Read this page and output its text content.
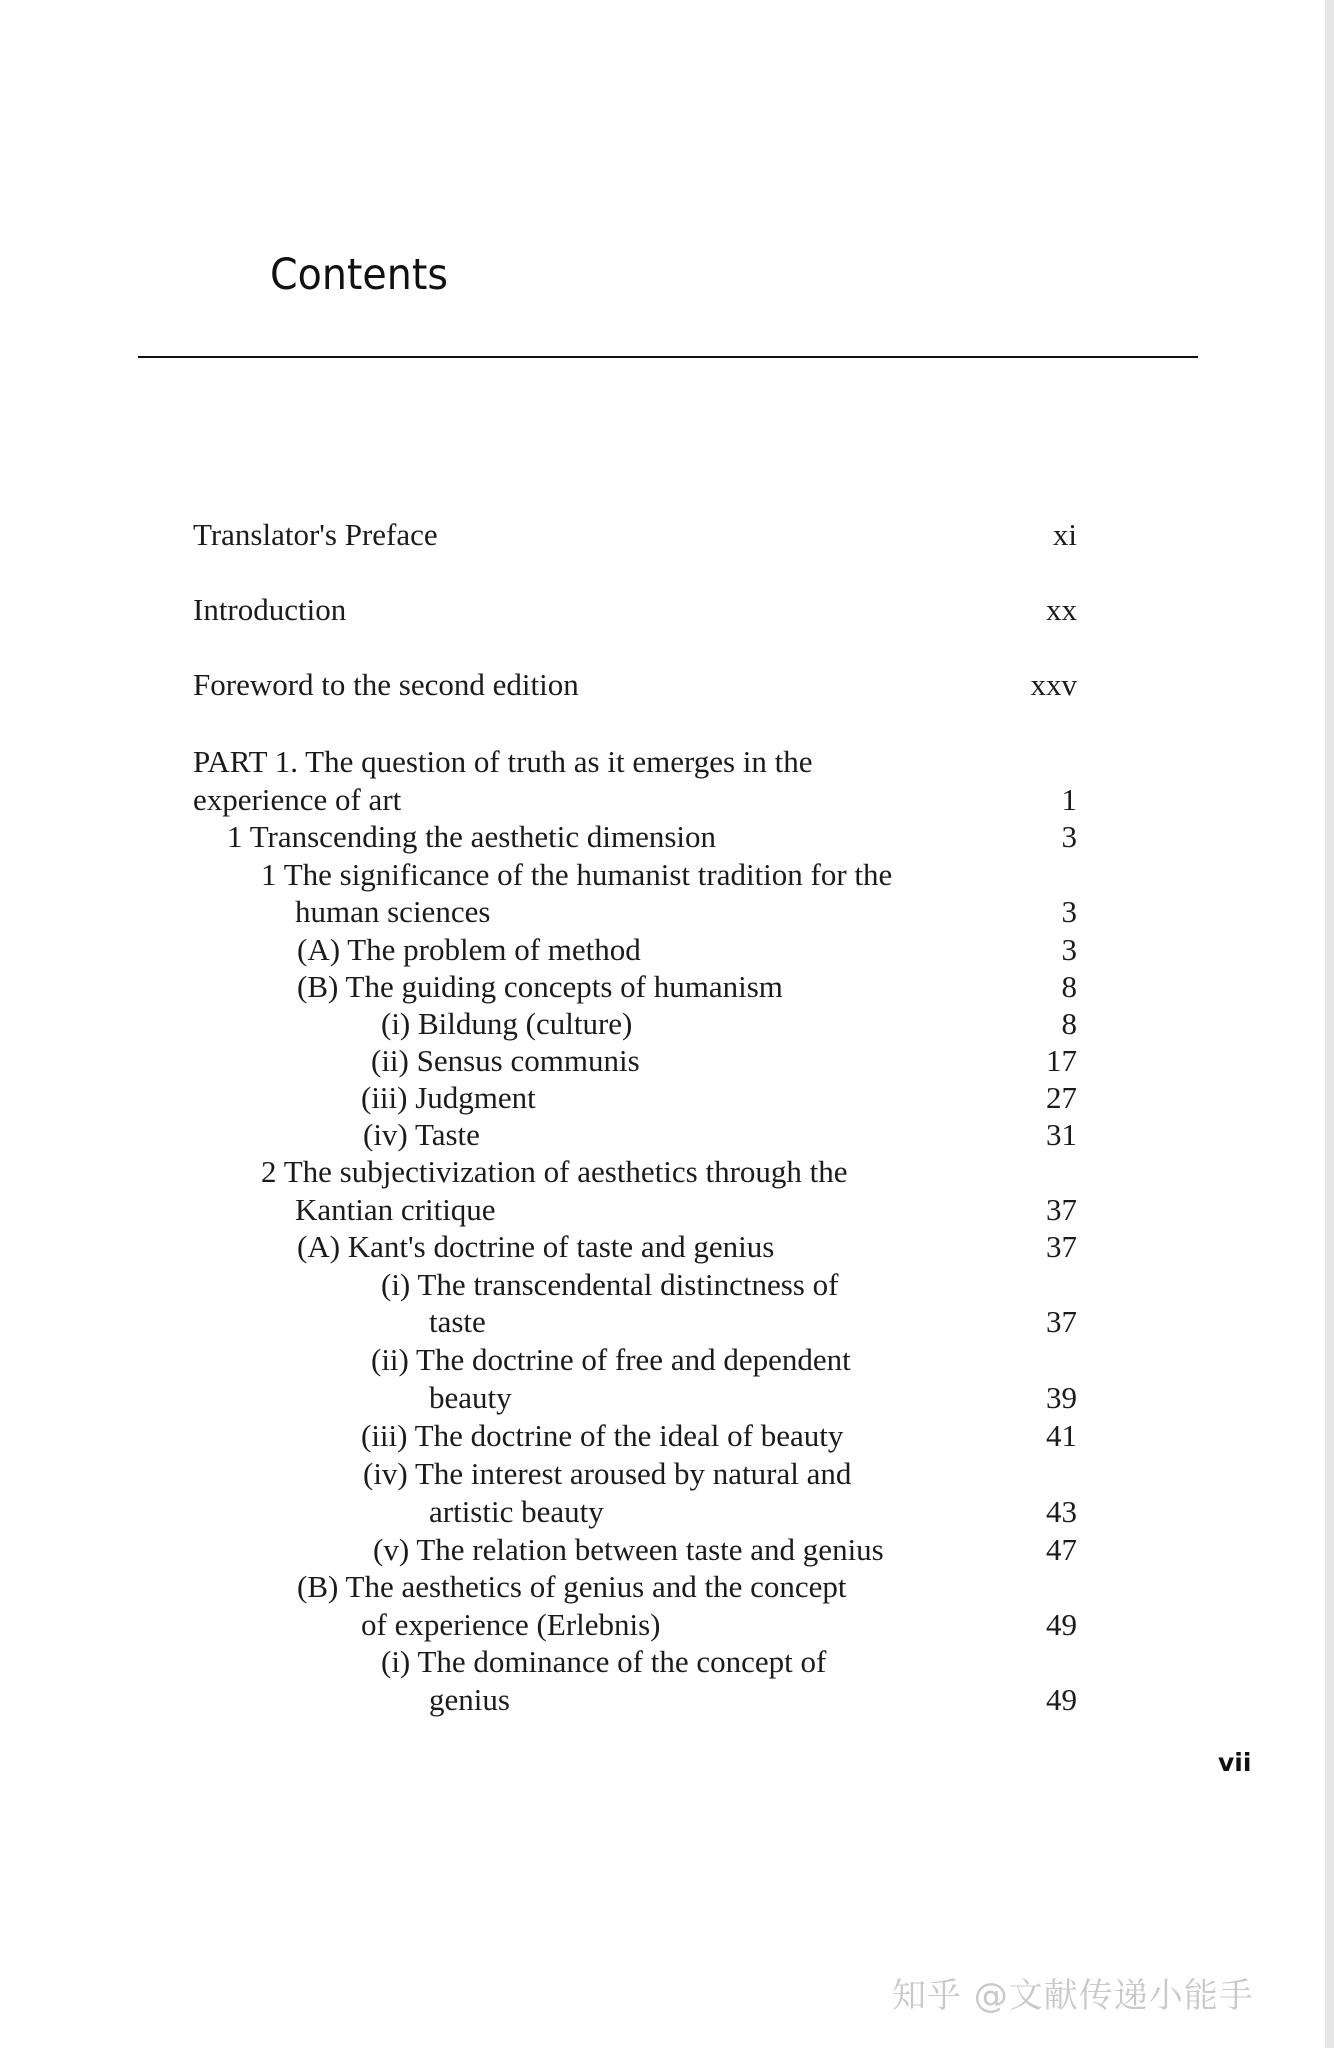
Contents
Translator's Preface	xi
Introduction	xx
Foreword to the second edition	xxv
PART 1. The question of truth as it emerges in the
experience of art	1
1 Transcending the aesthetic dimension	3
1 The significance of the humanist tradition for the
human sciences	3
(A) The problem of method	3
(B) The guiding concepts of humanism	8
(i) Bildung (culture)	8
(ii) Sensus communis	17
(iii) Judgment	27
(iv) Taste	31
2 The subjectivization of aesthetics through the
Kantian critique	37
(A) Kant's doctrine of taste and genius	37
(i) The transcendental distinctness of
taste	37
(ii) The doctrine of free and dependent
beauty	39
(iii) The doctrine of the ideal of beauty	41
(iv) The interest aroused by natural and
artistic beauty	43
(v) The relation between taste and genius	47
(B) The aesthetics of genius and the concept
of experience (Erlebnis)	49
(i) The dominance of the concept of
genius	49
vii
知乎 @文献传递小能手
